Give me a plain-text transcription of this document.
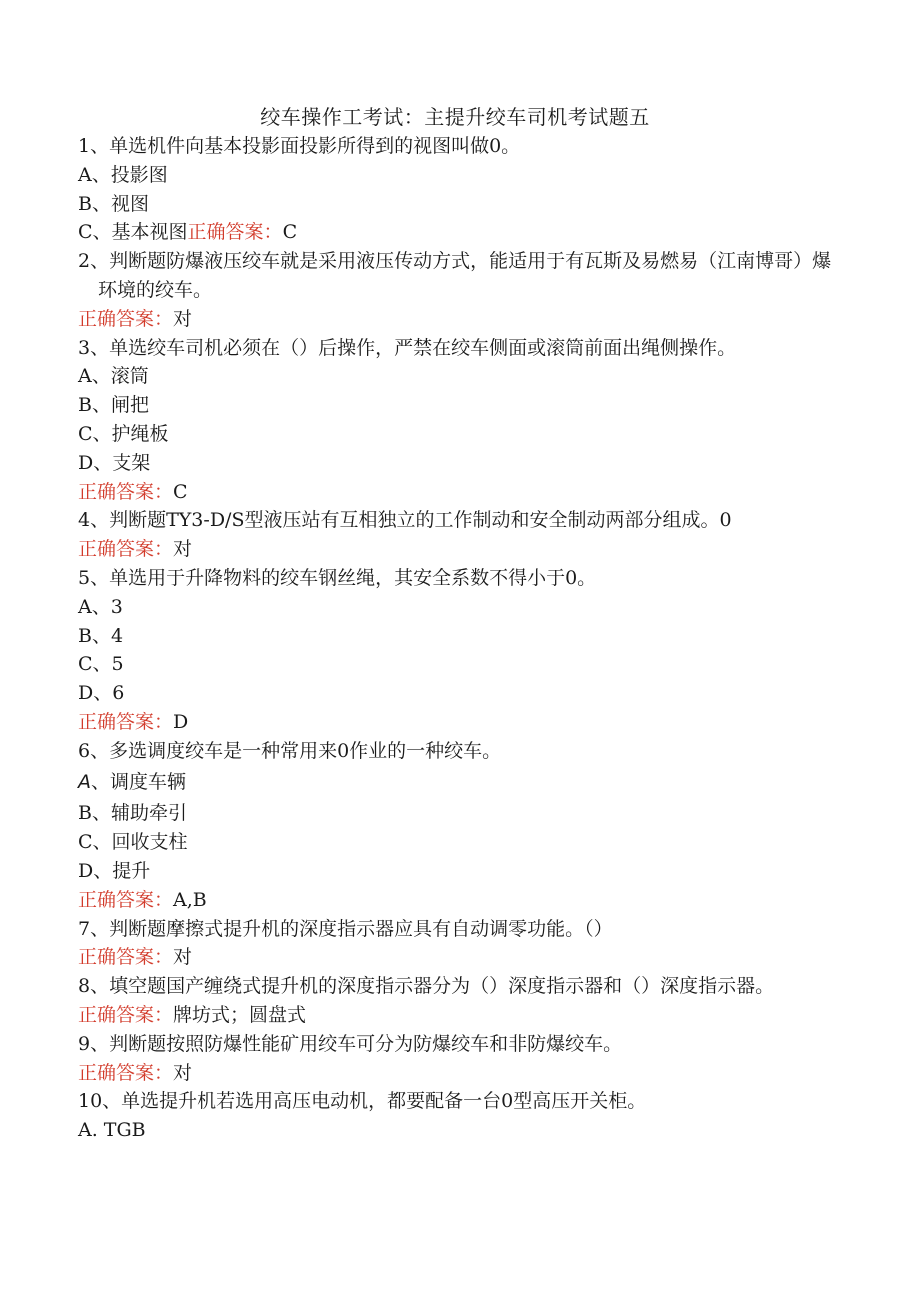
绞车操作工考试：主提升绞车司机考试题五
1、单选机件向基本投影面投影所得到的视图叫做0。
A、投影图
B、视图
C、基本视图正确答案：C
2、判断题防爆液压绞车就是采用液压传动方式，能适用于有瓦斯及易燃易（江南博哥）爆环境的绞车。
正确答案：对
3、单选绞车司机必须在（）后操作，严禁在绞车侧面或滚筒前面出绳侧操作。
A、滚筒
B、闸把
C、护绳板
D、支架
正确答案：C
4、判断题TY3-D/S型液压站有互相独立的工作制动和安全制动两部分组成。0
正确答案：对
5、单选用于升降物料的绞车钢丝绳，其安全系数不得小于0。
A、3
B、4
C、5
D、6
正确答案：D
6、多选调度绞车是一种常用来0作业的一种绞车。
A、调度车辆
B、辅助牵引
C、回收支柱
D、提升
正确答案：A,B
7、判断题摩擦式提升机的深度指示器应具有自动调零功能。（）
正确答案：对
8、填空题国产缠绕式提升机的深度指示器分为（）深度指示器和（）深度指示器。
正确答案：牌坊式；圆盘式
9、判断题按照防爆性能矿用绞车可分为防爆绞车和非防爆绞车。
正确答案：对
10、单选提升机若选用高压电动机，都要配备一台0型高压开关柜。
A. TGB
